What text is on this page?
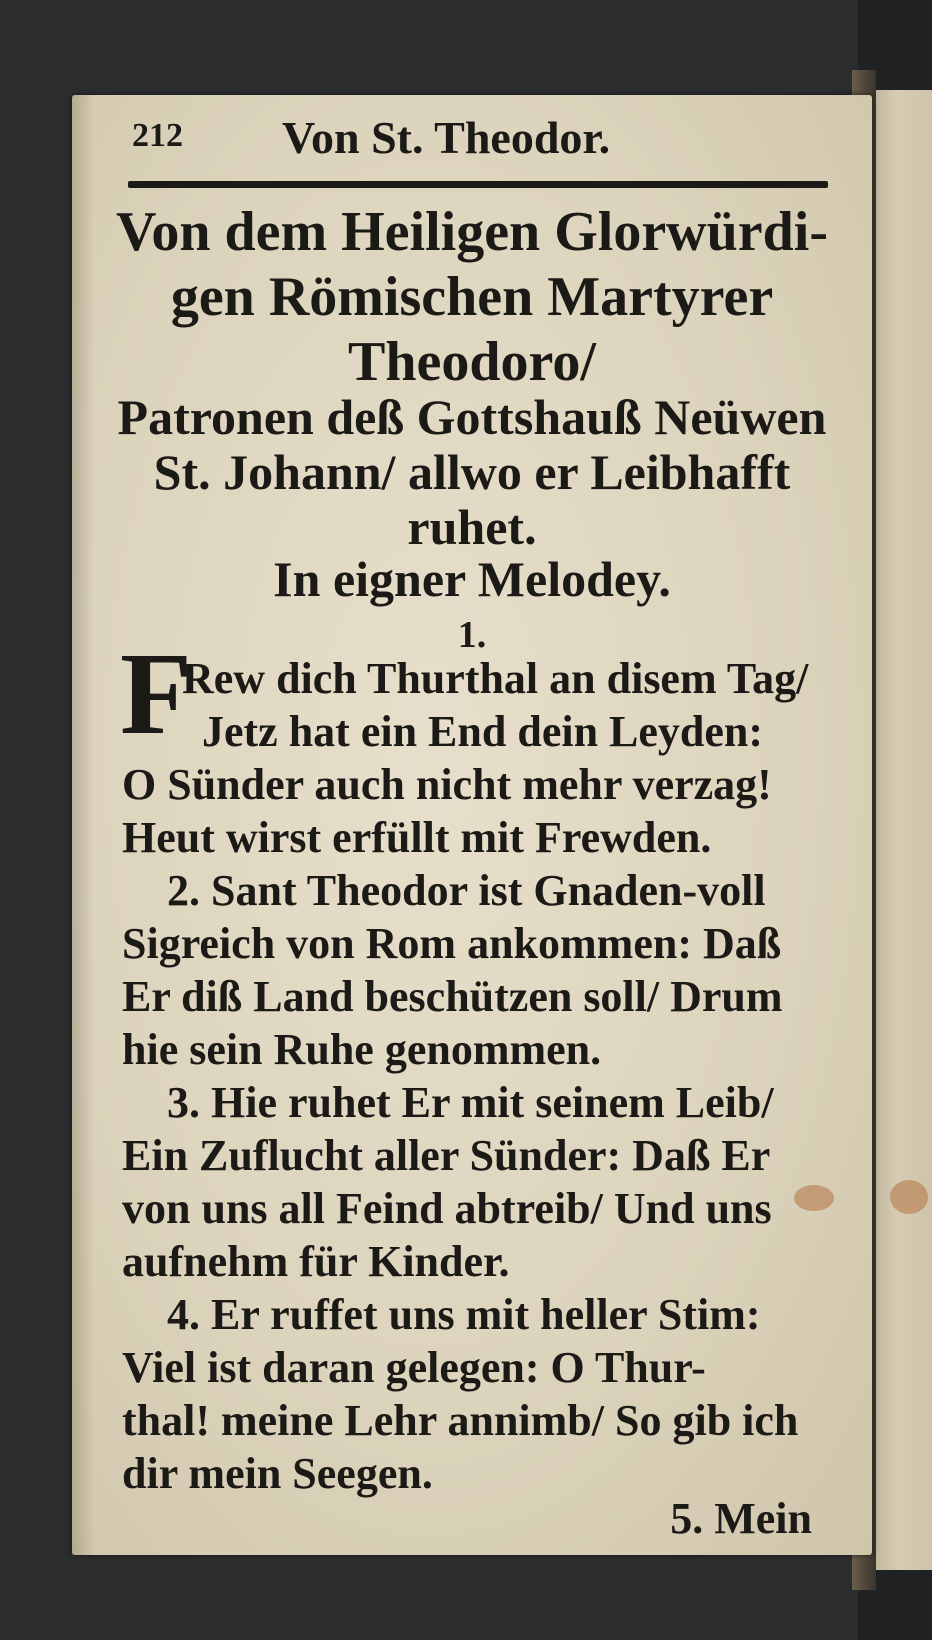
212 Von St. Theodor.

Von dem Heiligen Glorwürdi-

gen Römischen Martyrer

Theodoro/

Patronen deß Gottshauß Neüwen

St. Johann/ allwo er Leibhafft

ruhet.

In eigner Melodey.

1.

F

Rew dich Thurthal an disem Tag/

Jetz hat ein End dein Leyden:

O Sünder auch nicht mehr verzag!

Heut wirst erfüllt mit Frewden.

2. Sant Theodor ist Gnaden-voll

Sigreich von Rom ankommen: Daß

Er diß Land beschützen soll/ Drum

hie sein Ruhe genommen.

3. Hie ruhet Er mit seinem Leib/

Ein Zuflucht aller Sünder: Daß Er

von uns all Feind abtreib/ Und uns

aufnehm für Kinder.

4. Er ruffet uns mit heller Stim:

Viel ist daran gelegen: O Thur-

thal! meine Lehr annimb/ So gib ich

dir mein Seegen.

5. Mein
